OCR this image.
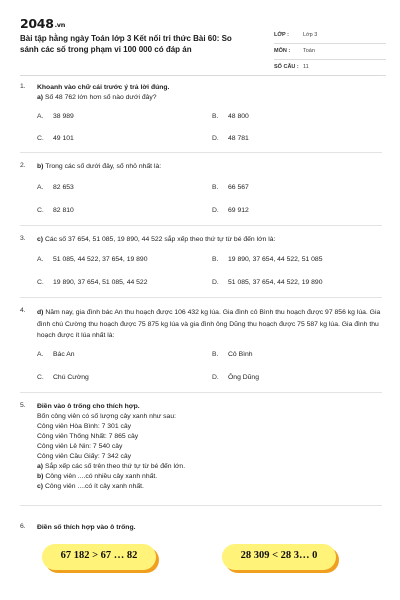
2048.vn
Bài tập hằng ngày Toán lớp 3 Kết nối tri thức Bài 60: So sánh các số trong phạm vi 100 000 có đáp án
LỚP :	Lớp 3
MÔN : Toán
SỐ CÂU : 11
1. Khoanh vào chữ cái trước ý trả lời đúng.
a) Số 48 762 lớn hơn số nào dưới đây?
A. 38 989	B. 48 800
C. 49 101	D. 48 781
2. b) Trong các số dưới đây, số nhỏ nhất là:
A. 82 653	B. 66 567
C. 82 810	D. 69 912
3. c) Các số 37 654, 51 085, 19 890, 44 522 sắp xếp theo thứ tự từ bé đến lớn là:
A. 51 085, 44 522, 37 654, 19 890	B. 19 890, 37 654, 44 522, 51 085
C. 19 890, 37 654, 51 085, 44 522	D. 51 085, 37 654, 44 522, 19 890
4. d) Năm nay, gia đình bác An thu hoạch được 106 432 kg lúa. Gia đình cô Bình thu hoạch được 97 856 kg lúa. Gia đình chú Cường thu hoạch được 75 875 kg lúa và gia đình ông Dũng thu hoạch được 75 587 kg lúa. Gia đình thu hoạch được ít lúa nhất là:
A. Bác An	B. Cô Bình
C. Chú Cường	D. Ông Dũng
5. Điền vào ô trống cho thích hợp.
Bốn công viên có số lượng cây xanh như sau:
Công viên Hòa Bình: 7 301 cây
Công viên Thống Nhất: 7 865 cây
Công viên Lê Nin: 7 540 cây
Công viên Cầu Giấy: 7 342 cây
a) Sắp xếp các số trên theo thứ tự từ bé đến lớn.
b) Công viên ....có nhiều cây xanh nhất.
c) Công viên ....có ít cây xanh nhất.
6. Điền số thích hợp vào ô trống.
67 182 > 67 … 82	28 309 < 28 3… 0
